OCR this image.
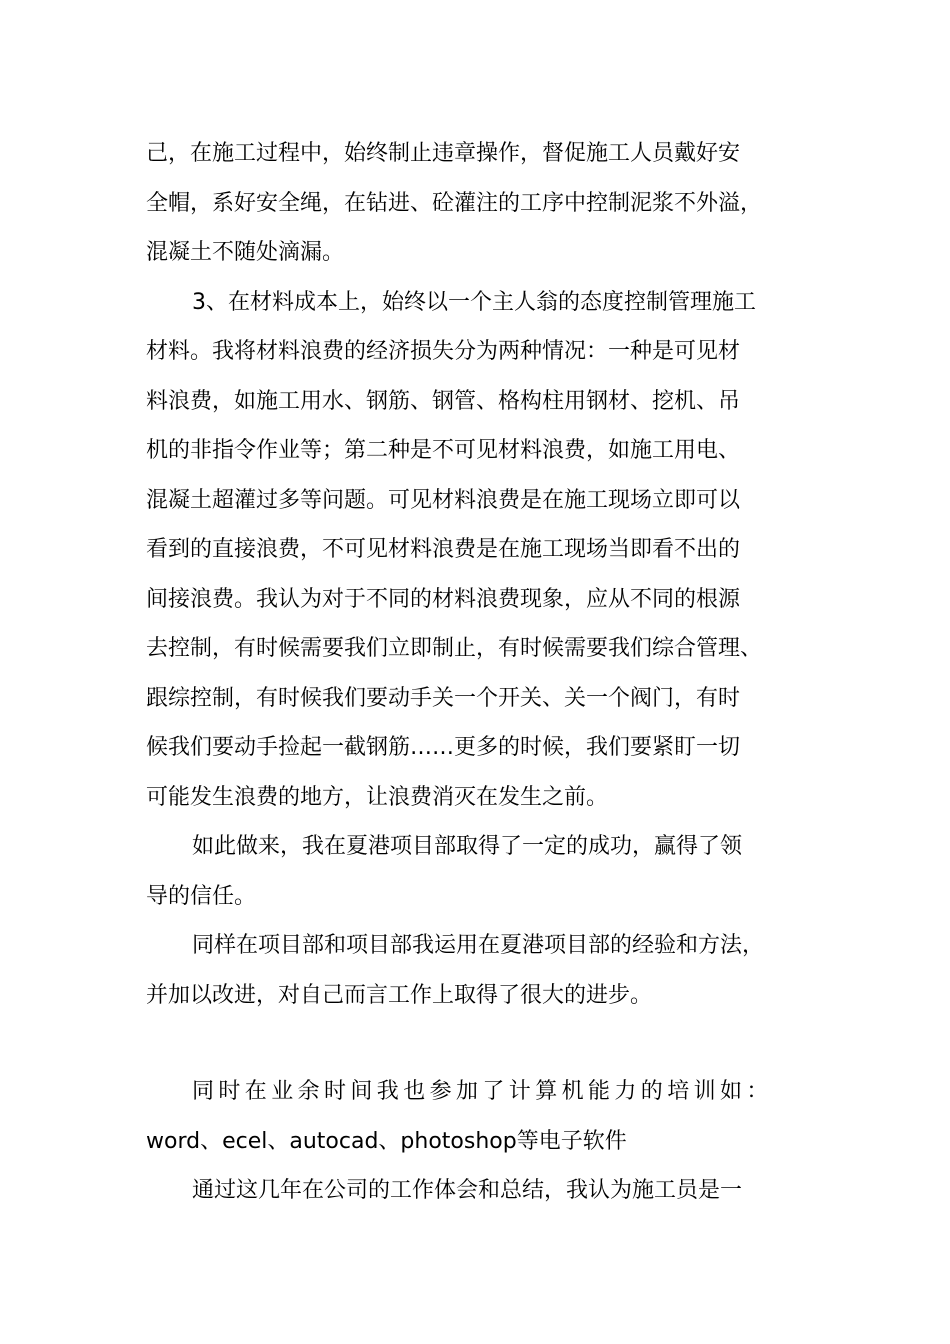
己，在施工过程中，始终制止违章操作，督促施工人员戴好安
全帽，系好安全绳，在钻进、砼灌注的工序中控制泥浆不外溢，
混凝土不随处滴漏。
3、在材料成本上，始终以一个主人翁的态度控制管理施工
材料。我将材料浪费的经济损失分为两种情况：一种是可见材
料浪费，如施工用水、钢筋、钢管、格构柱用钢材、挖机、吊
机的非指令作业等；第二种是不可见材料浪费，如施工用电、
混凝土超灌过多等问题。可见材料浪费是在施工现场立即可以
看到的直接浪费，不可见材料浪费是在施工现场当即看不出的
间接浪费。我认为对于不同的材料浪费现象，应从不同的根源
去控制，有时候需要我们立即制止，有时候需要我们综合管理、
跟综控制，有时候我们要动手关一个开关、关一个阀门，有时
候我们要动手捡起一截钢筋……更多的时候，我们要紧盯一切
可能发生浪费的地方，让浪费消灭在发生之前。
如此做来，我在夏港项目部取得了一定的成功，赢得了领
导的信任。
同样在项目部和项目部我运用在夏港项目部的经验和方法，
并加以改进，对自己而言工作上取得了很大的进步。
同时在业余时间我也参加了计算机能力的培训如：
word、ecel、autocad、photoshop等电子软件
通过这几年在公司的工作体会和总结，我认为施工员是一
